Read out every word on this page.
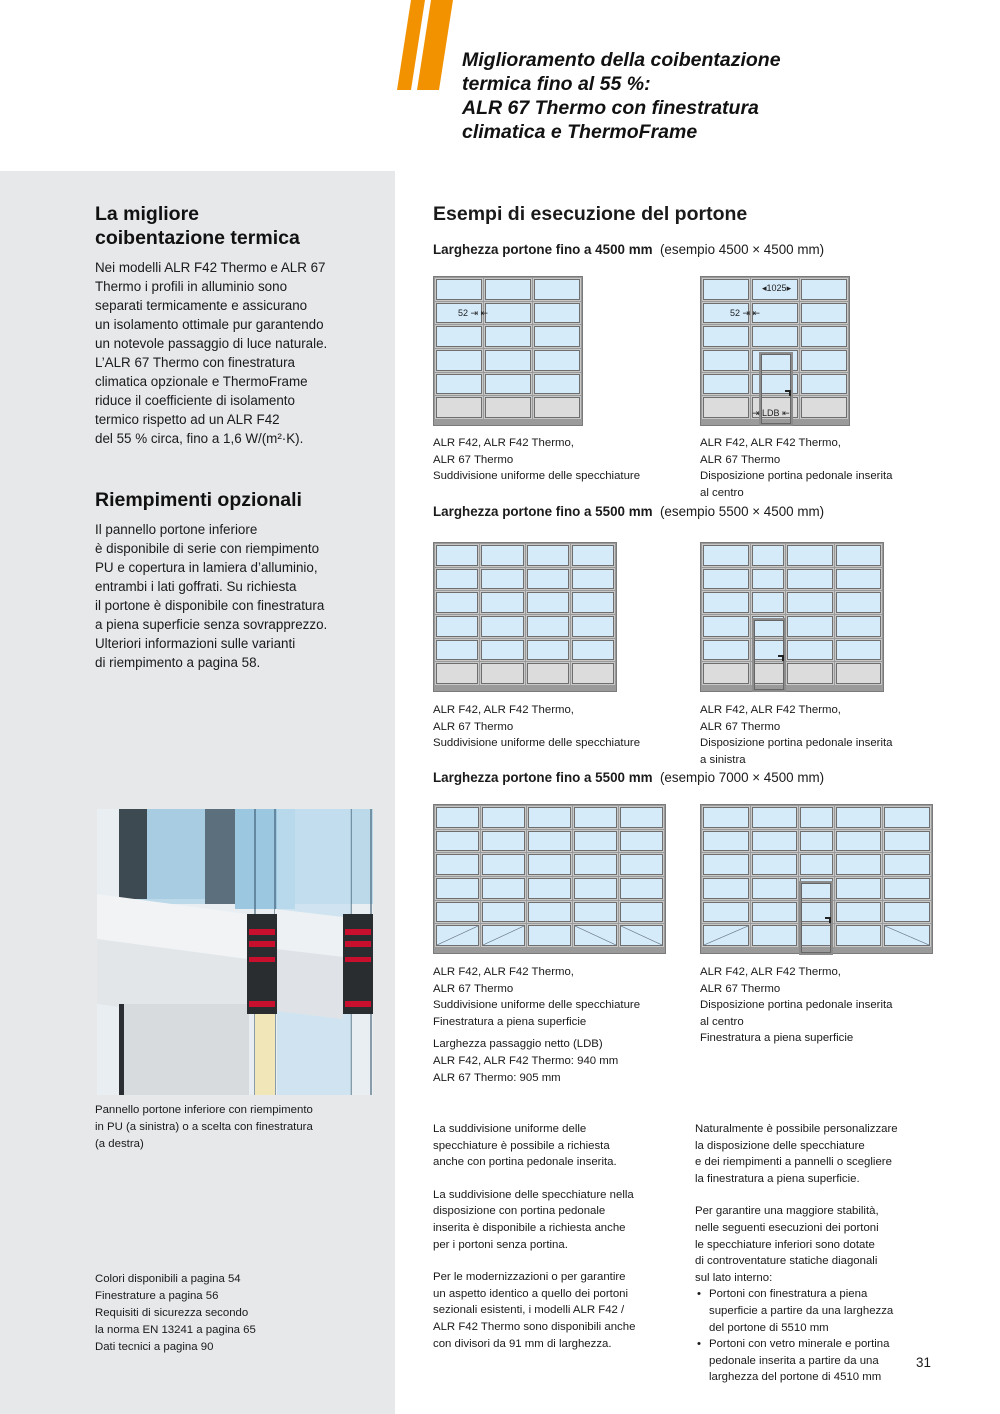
Miglioramento della coibentazione
termica fino al 55 %:
ALR 67 Thermo con finestratura
climatica e ThermoFrame
La migliore
coibentazione termica
Nei modelli ALR F42 Thermo e ALR 67
Thermo i profili in alluminio sono
separati termicamente e assicurano
un isolamento ottimale pur garantendo
un notevole passaggio di luce naturale.
L’ALR 67 Thermo con finestratura
climatica opzionale e ThermoFrame
riduce il coefficiente di isolamento
termico rispetto ad un ALR F42
del 55 % circa, fino a 1,6 W/(m²·K).
Riempimenti opzionali
Il pannello portone inferiore
è disponibile di serie con riempimento
PU e copertura in lamiera d’alluminio,
entrambi i lati goffrati. Su richiesta
il portone è disponibile con finestratura
a piena superficie senza sovrapprezzo.
Ulteriori informazioni sulle varianti
di riempimento a pagina 58.
Pannello portone inferiore con riempimento
in PU (a sinistra) o a scelta con finestratura
(a destra)
Colori disponibili a pagina 54
Finestrature a pagina 56
Requisiti di sicurezza secondo
la norma EN 13241 a pagina 65
Dati tecnici a pagina 90
Esempi di esecuzione del portone
Larghezza portone fino a 4500 mm (esempio 4500 × 4500 mm)
52 ⇥ ⇤
◂1025▸
52 ⇥ ⇤
⇥ LDB ⇤
ALR F42, ALR F42 Thermo,
ALR 67 Thermo
Suddivisione uniforme delle specchiature
ALR F42, ALR F42 Thermo,
ALR 67 Thermo
Disposizione portina pedonale inserita
al centro
Larghezza portone fino a 5500 mm (esempio 5500 × 4500 mm)
ALR F42, ALR F42 Thermo,
ALR 67 Thermo
Suddivisione uniforme delle specchiature
ALR F42, ALR F42 Thermo,
ALR 67 Thermo
Disposizione portina pedonale inserita
a sinistra
Larghezza portone fino a 5500 mm (esempio 7000 × 4500 mm)
ALR F42, ALR F42 Thermo,
ALR 67 Thermo
Suddivisione uniforme delle specchiature
Finestratura a piena superficie
Larghezza passaggio netto (LDB)
ALR F42, ALR F42 Thermo: 940 mm
ALR 67 Thermo: 905 mm
ALR F42, ALR F42 Thermo,
ALR 67 Thermo
Disposizione portina pedonale inserita
al centro
Finestratura a piena superficie
La suddivisione uniforme delle
specchiature è possibile a richiesta
anche con portina pedonale inserita.
La suddivisione delle specchiature nella
disposizione con portina pedonale
inserita è disponibile a richiesta anche
per i portoni senza portina.
Per le modernizzazioni o per garantire
un aspetto identico a quello dei portoni
sezionali esistenti, i modelli ALR F42 /
ALR F42 Thermo sono disponibili anche
con divisori da 91 mm di larghezza.
Naturalmente è possibile personalizzare
la disposizione delle specchiature
e dei riempimenti a pannelli o scegliere
la finestratura a piena superficie.
Per garantire una maggiore stabilità,
nelle seguenti esecuzioni dei portoni
le specchiature inferiori sono dotate
di controventature statiche diagonali
sul lato interno:
• Portoni con finestratura a piena
superficie a partire da una larghezza
del portone di 5510 mm
• Portoni con vetro minerale e portina
pedonale inserita a partire da una
larghezza del portone di 4510 mm
31
